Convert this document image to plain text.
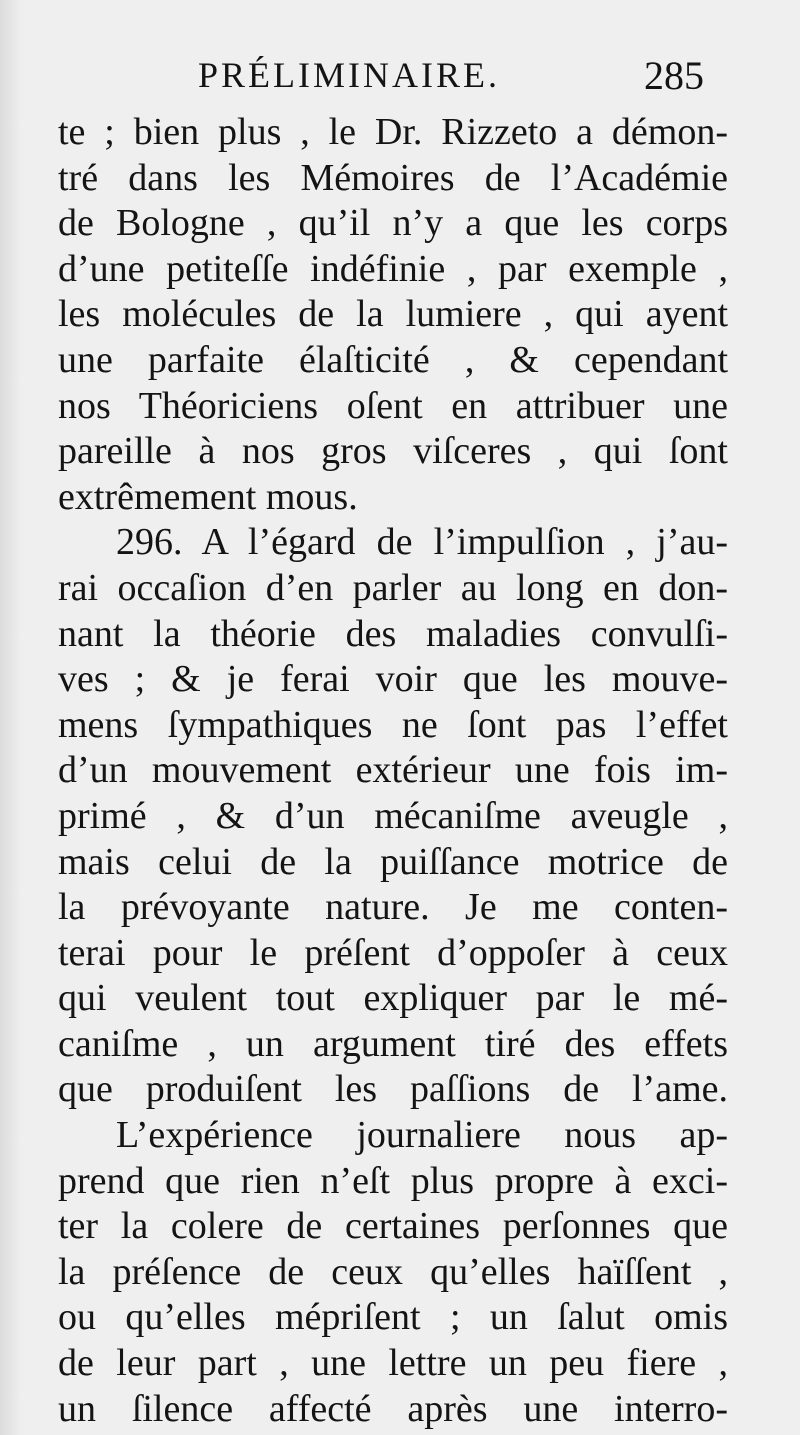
PRÉLIMINAIRE.	285
te ; bien plus , le Dr. Rizzeto a démon-
tré dans les Mémoires de l’Académie
de Bologne , qu’il n’y a que les corps
d’une petiteſſe indéfinie , par exemple ,
les molécules de la lumiere , qui ayent
une parfaite élaſticité , & cependant
nos Théoriciens oſent en attribuer une
pareille à nos gros viſceres , qui ſont
extrêmement mous.
296. A l’égard de l’impulſion , j’au-
rai occaſion d’en parler au long en don-
nant la théorie des maladies convulſi-
ves ; & je ferai voir que les mouve-
mens ſympathiques ne ſont pas l’effet
d’un mouvement extérieur une fois im-
primé , & d’un mécaniſme aveugle ,
mais celui de la puiſſance motrice de
la prévoyante nature. Je me conten-
terai pour le préſent d’oppoſer à ceux
qui veulent tout expliquer par le mé-
caniſme , un argument tiré des effets
que produiſent les paſſions de l’ame.
L’expérience journaliere nous ap-
prend que rien n’eſt plus propre à exci-
ter la colere de certaines perſonnes que
la préſence de ceux qu’elles haïſſent ,
ou qu’elles mépriſent ; un ſalut omis
de leur part , une lettre un peu fiere ,
un ſilence affecté après une interro-
